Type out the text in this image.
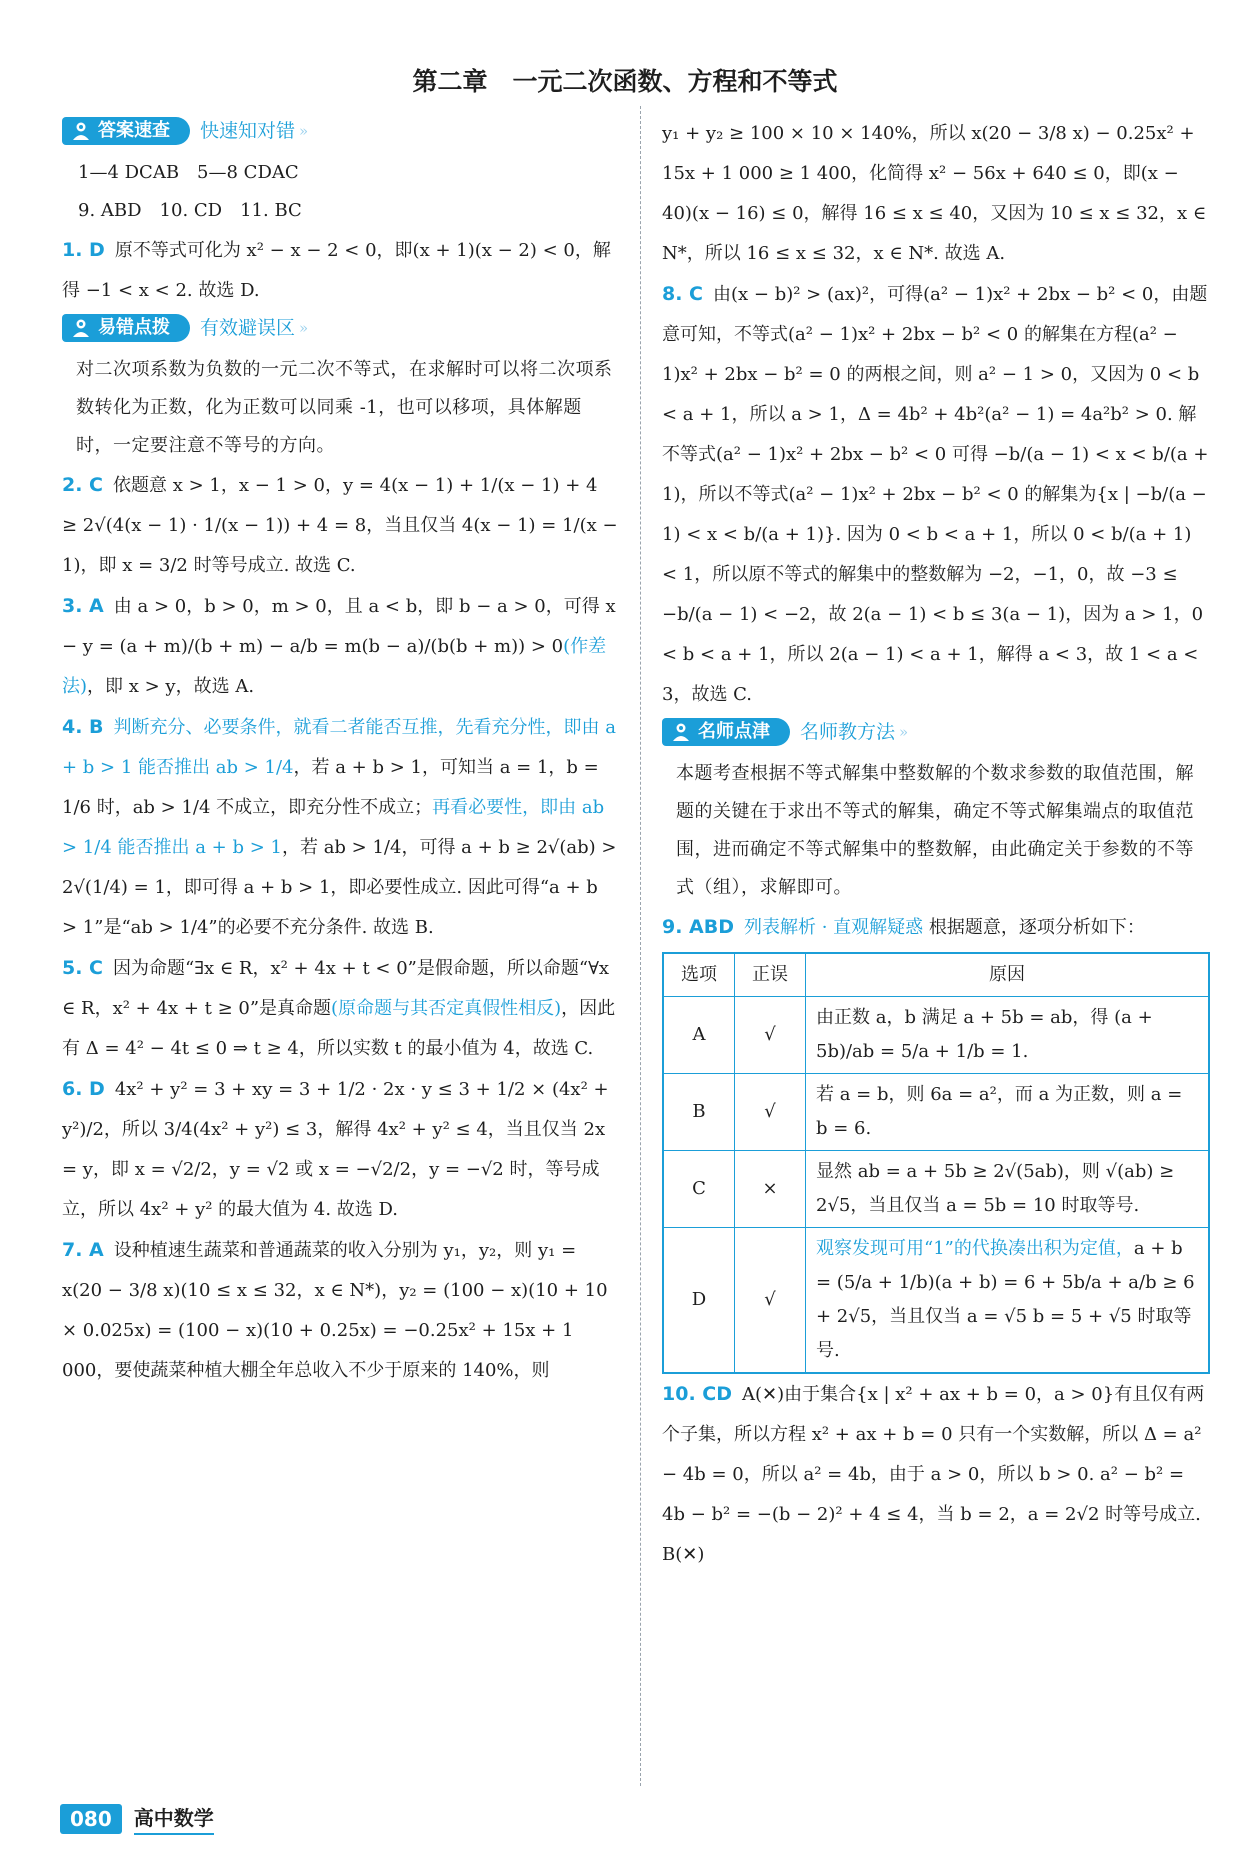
第二章　一元二次函数、方程和不等式
答案速查 快速知对错 »
1—4 DCAB　5—8 CDAC
9. ABD　10. CD　11. BC

1. D 原不等式可化为 x² − x − 2 < 0，即(x + 1)(x − 2) < 0，解得 −1 < x < 2. 故选 D.

易错点拨 有效避误区 »

对二次项系数为负数的一元二次不等式，在求解时可以将二次项系数转化为正数，化为正数可以同乘 -1，也可以移项，具体解题时，一定要注意不等号的方向。

2. C 依题意 x > 1，x − 1 > 0，y = 4(x − 1) + 1/(x − 1) + 4 ≥ 2√(4(x − 1) · 1/(x − 1)) + 4 = 8，当且仅当 4(x − 1) = 1/(x − 1)，即 x = 3/2 时等号成立. 故选 C.

3. A 由 a > 0，b > 0，m > 0，且 a < b，即 b − a > 0，可得 x − y = (a + m)/(b + m) − a/b = m(b − a)/(b(b + m)) > 0(作差法)，即 x > y，故选 A.

4. B 判断充分、必要条件，就看二者能否互推，先看充分性，即由 a + b > 1 能否推出 ab > 1/4，若 a + b > 1，可知当 a = 1，b = 1/6 时，ab > 1/4 不成立，即充分性不成立；再看必要性，即由 ab > 1/4 能否推出 a + b > 1，若 ab > 1/4，可得 a + b ≥ 2√(ab) > 2√(1/4) = 1，即可得 a + b > 1，即必要性成立. 因此可得“a + b > 1”是“ab > 1/4”的必要不充分条件. 故选 B.

5. C 因为命题“∃x ∈ R，x² + 4x + t < 0”是假命题，所以命题“∀x ∈ R，x² + 4x + t ≥ 0”是真命题(原命题与其否定真假性相反)，因此有 Δ = 4² − 4t ≤ 0 ⇒ t ≥ 4，所以实数 t 的最小值为 4，故选 C.

6. D 4x² + y² = 3 + xy = 3 + 1/2 · 2x · y ≤ 3 + 1/2 × (4x² + y²)/2，所以 3/4(4x² + y²) ≤ 3，解得 4x² + y² ≤ 4，当且仅当 2x = y，即 x = √2/2，y = √2 或 x = −√2/2，y = −√2 时，等号成立，所以 4x² + y² 的最大值为 4. 故选 D.

7. A 设种植速生蔬菜和普通蔬菜的收入分别为 y₁，y₂，则 y₁ = x(20 − 3/8 x)(10 ≤ x ≤ 32，x ∈ N*)，y₂ = (100 − x)(10 + 10 × 0.025x) = (100 − x)(10 + 0.25x) = −0.25x² + 15x + 1 000，要使蔬菜种植大棚全年总收入不少于原来的 140%，则

y₁ + y₂ ≥ 100 × 10 × 140%，所以 x(20 − 3/8 x) − 0.25x² + 15x + 1 000 ≥ 1 400，化简得 x² − 56x + 640 ≤ 0，即(x − 40)(x − 16) ≤ 0，解得 16 ≤ x ≤ 40，又因为 10 ≤ x ≤ 32，x ∈ N*，所以 16 ≤ x ≤ 32，x ∈ N*. 故选 A.

8. C 由(x − b)² > (ax)²，可得(a² − 1)x² + 2bx − b² < 0，由题意可知，不等式(a² − 1)x² + 2bx − b² < 0 的解集在方程(a² − 1)x² + 2bx − b² = 0 的两根之间，则 a² − 1 > 0，又因为 0 < b < a + 1，所以 a > 1，Δ = 4b² + 4b²(a² − 1) = 4a²b² > 0. 解不等式(a² − 1)x² + 2bx − b² < 0 可得 −b/(a − 1) < x < b/(a + 1)，所以不等式(a² − 1)x² + 2bx − b² < 0 的解集为{x | −b/(a − 1) < x < b/(a + 1)}. 因为 0 < b < a + 1，所以 0 < b/(a + 1) < 1，所以原不等式的解集中的整数解为 −2，−1，0，故 −3 ≤ −b/(a − 1) < −2，故 2(a − 1) < b ≤ 3(a − 1)，因为 a > 1，0 < b < a + 1，所以 2(a − 1) < a + 1，解得 a < 3，故 1 < a < 3，故选 C.

名师点津 名师教方法 »

本题考查根据不等式解集中整数解的个数求参数的取值范围，解题的关键在于求出不等式的解集，确定不等式解集端点的取值范围，进而确定不等式解集中的整数解，由此确定关于参数的不等式（组），求解即可。

9. ABD 列表解析 · 直观解疑惑 根据题意，逐项分析如下：

选项	正误	原因
A	√	由正数 a，b 满足 a + 5b = ab，得 (a + 5b)/ab = 5/a + 1/b = 1.
B	√	若 a = b，则 6a = a²，而 a 为正数，则 a = b = 6.
C	×	显然 ab = a + 5b ≥ 2√(5ab)，则 √(ab) ≥ 2√5，当且仅当 a = 5b = 10 时取等号.
D	√	观察发现可用“1”的代换凑出积为定值，a + b = (5/a + 1/b)(a + b) = 6 + 5b/a + a/b ≥ 6 + 2√5，当且仅当 a = √5 b = 5 + √5 时取等号.

10. CD A(✕)由于集合{x | x² + ax + b = 0，a > 0}有且仅有两个子集，所以方程 x² + ax + b = 0 只有一个实数解，所以 Δ = a² − 4b = 0，所以 a² = 4b，由于 a > 0，所以 b > 0. a² − b² = 4b − b² = −(b − 2)² + 4 ≤ 4，当 b = 2，a = 2√2 时等号成立. B(✕)

080	高中数学
